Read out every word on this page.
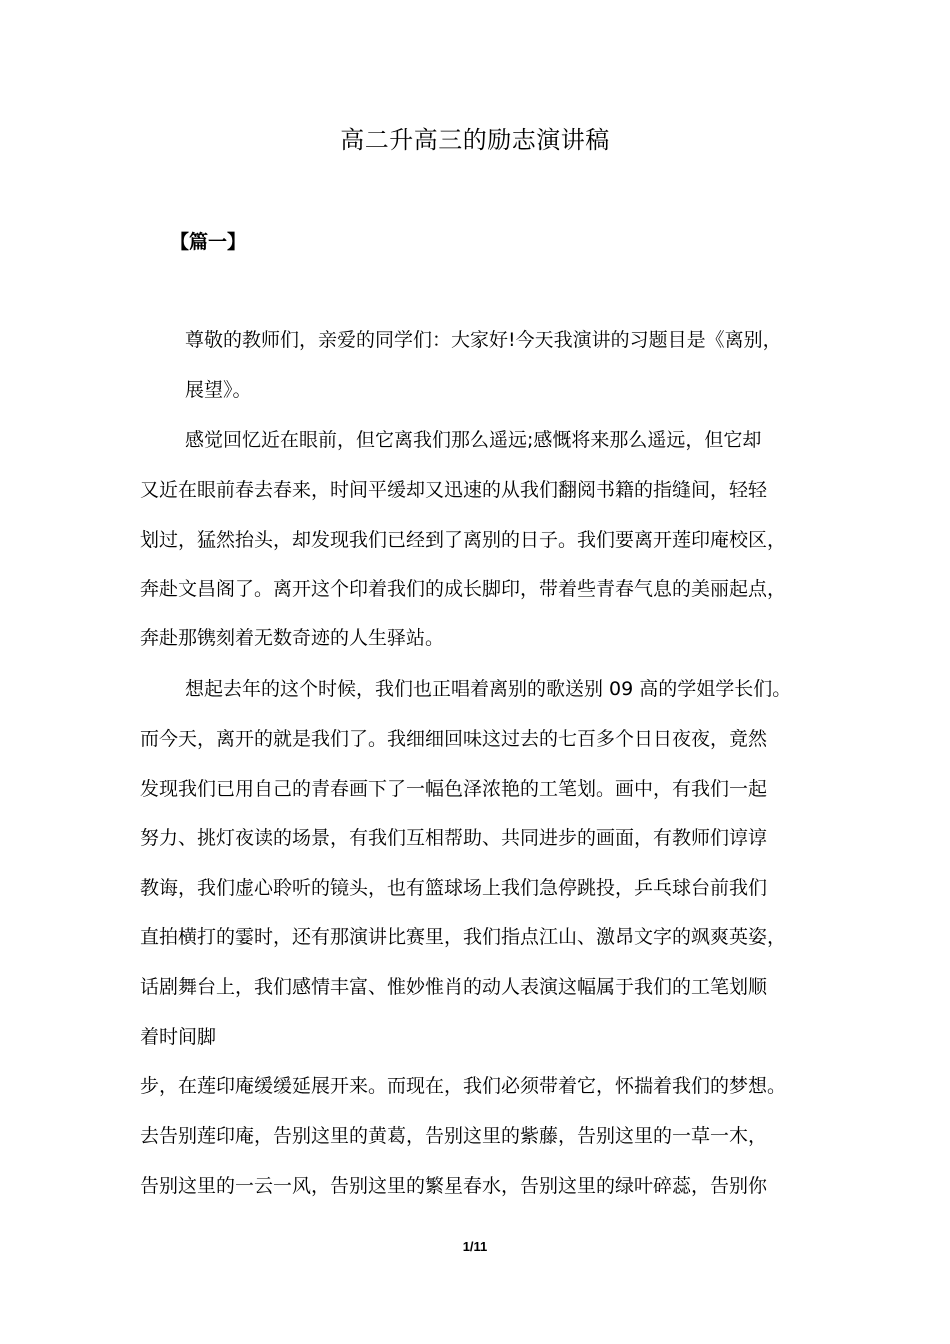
高二升高三的励志演讲稿
【篇一】
尊敬的教师们，亲爱的同学们：大家好!今天我演讲的习题目是《离别，
展望》。
感觉回忆近在眼前，但它离我们那么遥远;感慨将来那么遥远，但它却
又近在眼前春去春来，时间平缓却又迅速的从我们翻阅书籍的指缝间，轻轻
划过，猛然抬头，却发现我们已经到了离别的日子。我们要离开莲印庵校区，
奔赴文昌阁了。离开这个印着我们的成长脚印，带着些青春气息的美丽起点，
奔赴那镌刻着无数奇迹的人生驿站。
想起去年的这个时候，我们也正唱着离别的歌送别 09 高的学姐学长们。
而今天，离开的就是我们了。我细细回味这过去的七百多个日日夜夜，竟然
发现我们已用自己的青春画下了一幅色泽浓艳的工笔划。画中，有我们一起
努力、挑灯夜读的场景，有我们互相帮助、共同进步的画面，有教师们谆谆
教诲，我们虚心聆听的镜头，也有篮球场上我们急停跳投，乒乓球台前我们
直拍横打的霎时，还有那演讲比赛里，我们指点江山、激昂文字的飒爽英姿，
话剧舞台上，我们感情丰富、惟妙惟肖的动人表演这幅属于我们的工笔划顺
着时间脚
步，在莲印庵缓缓延展开来。而现在，我们必须带着它，怀揣着我们的梦想。
去告别莲印庵，告别这里的黄葛，告别这里的紫藤，告别这里的一草一木，
告别这里的一云一风，告别这里的繁星春水，告别这里的绿叶碎蕊，告别你
1/11
